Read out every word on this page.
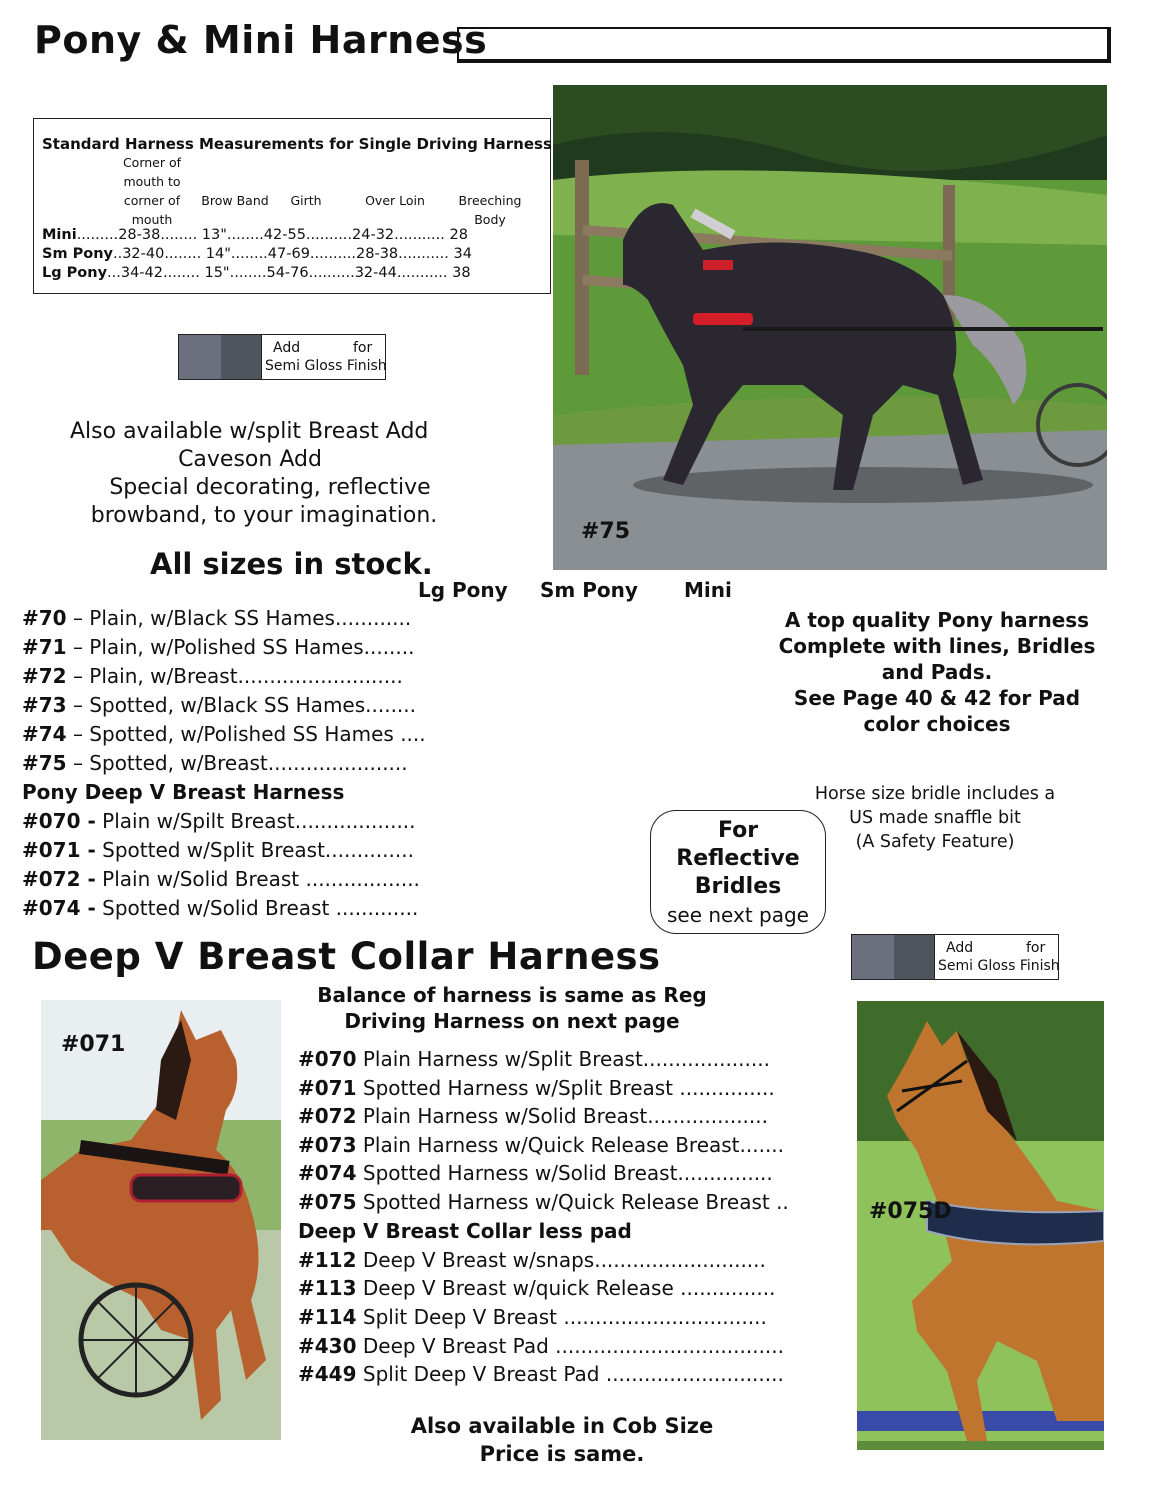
Pony & Mini Harness
Standard Harness Measurements for Single Driving Harness
Corner of
mouth to
corner of
mouth
Brow Band	Girth	Over Loin	Breeching
Body
Mini.........28-38........ 13"........42-55..........24-32........... 28
Sm Pony..32-40........ 14"........47-69..........28-38........... 34
Lg Pony...34-42........ 15"........54-76..........32-44........... 38
Add	for
Semi Gloss Finish
Also available w/split Breast Add
Caveson Add
Special decorating, reflective
browband, to your imagination.
All sizes in stock.
Lg Pony Sm Pony Mini
#70 – Plain, w/Black SS Hames............
#71 – Plain, w/Polished SS Hames........
#72 – Plain, w/Breast..........................
#73 – Spotted, w/Black SS Hames........
#74 – Spotted, w/Polished SS Hames ....
#75 – Spotted, w/Breast......................
Pony Deep V Breast Harness
#070 - Plain w/Spilt Breast...................
#071 - Spotted w/Split Breast..............
#072 - Plain w/Solid Breast ..................
#074 - Spotted w/Solid Breast .............
#75
A top quality Pony harness
Complete with lines, Bridles
and Pads.
See Page 40 & 42 for Pad
color choices
Horse size bridle includes a
US made snaffle bit
(A Safety Feature)
For
Reflective
Bridles
see next page
Add	for
Semi Gloss Finish
Deep V Breast Collar Harness
Balance of harness is same as Reg
Driving Harness on next page
#070 Plain Harness w/Split Breast....................
#071 Spotted Harness w/Split Breast ...............
#072 Plain Harness w/Solid Breast...................
#073 Plain Harness w/Quick Release Breast.......
#074 Spotted Harness w/Solid Breast...............
#075 Spotted Harness w/Quick Release Breast ..
Deep V Breast Collar less pad
#112 Deep V Breast w/snaps...........................
#113 Deep V Breast w/quick Release ...............
#114 Split Deep V Breast ................................
#430 Deep V Breast Pad ....................................
#449 Split Deep V Breast Pad ............................
Also available in Cob Size
Price is same.
#071
#075D
